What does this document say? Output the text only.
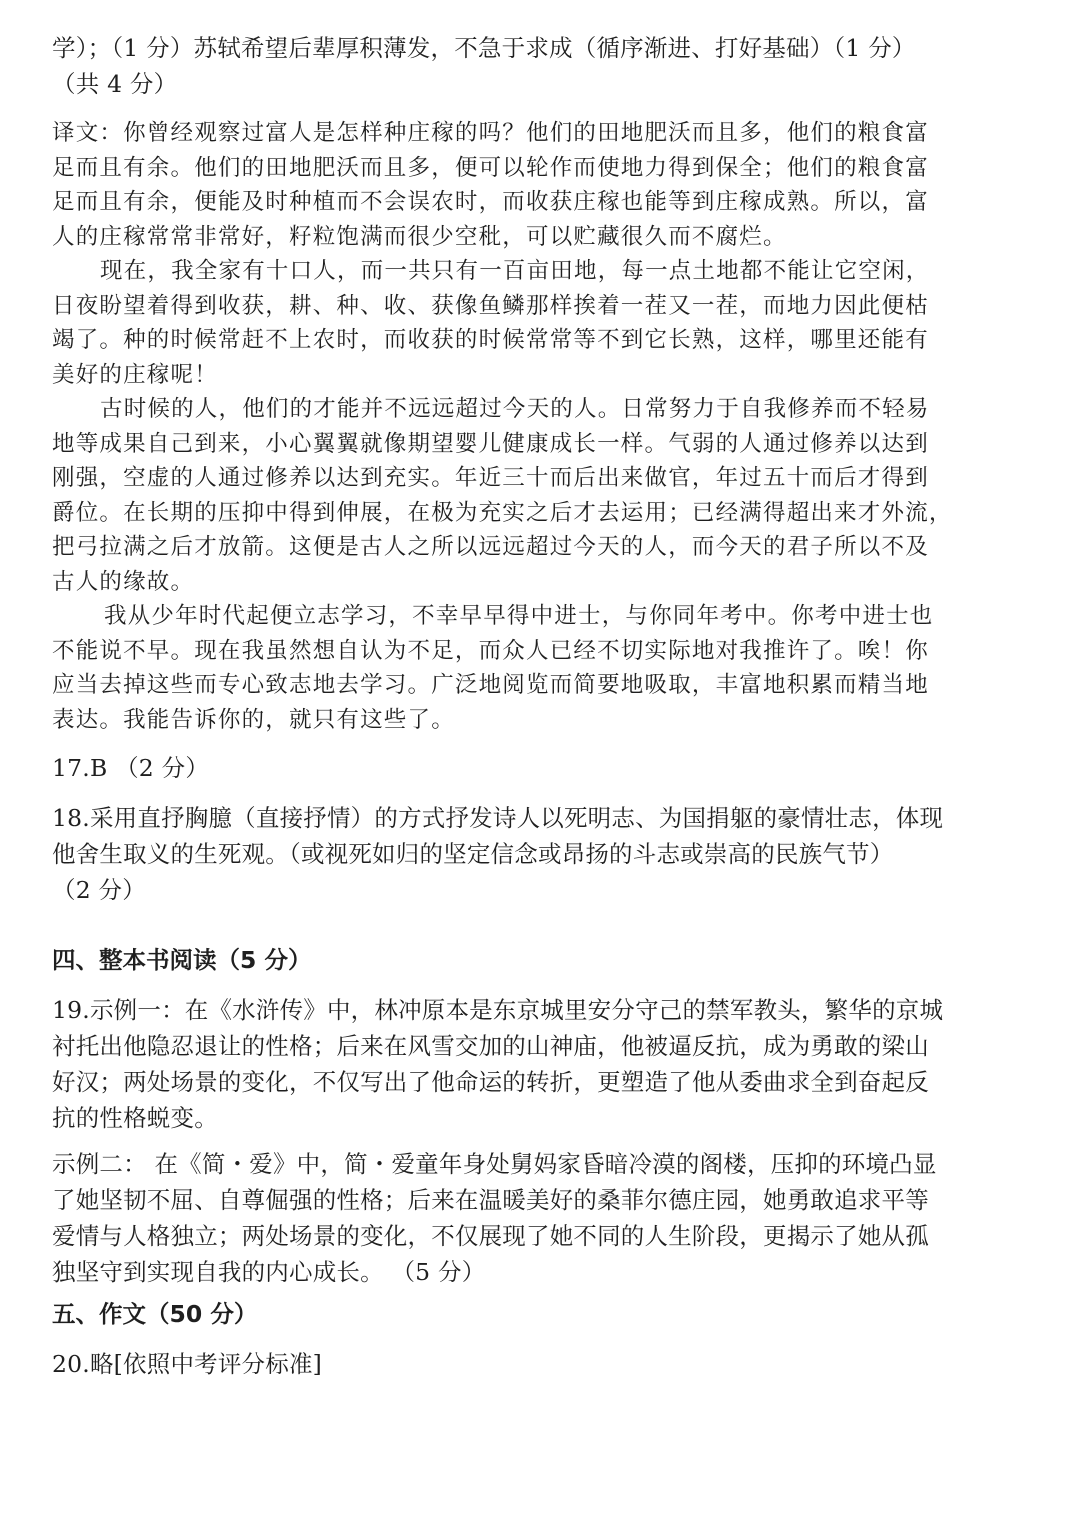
学）；（1 分）苏轼希望后辈厚积薄发，不急于求成（循序渐进、打好基础）（1 分）
（共 4 分）
译文：你曾经观察过富人是怎样种庄稼的吗？他们的田地肥沃而且多，他们的粮食富
足而且有余。他们的田地肥沃而且多，便可以轮作而使地力得到保全；他们的粮食富
足而且有余，便能及时种植而不会误农时，而收获庄稼也能等到庄稼成熟。所以，富
人的庄稼常常非常好，籽粒饱满而很少空秕，可以贮藏很久而不腐烂。
现在，我全家有十口人，而一共只有一百亩田地，每一点土地都不能让它空闲，
日夜盼望着得到收获，耕、种、收、获像鱼鳞那样挨着一茬又一茬，而地力因此便枯
竭了。种的时候常赶不上农时，而收获的时候常常等不到它长熟，这样，哪里还能有
美好的庄稼呢！
古时候的人，他们的才能并不远远超过今天的人。日常努力于自我修养而不轻易
地等成果自己到来，小心翼翼就像期望婴儿健康成长一样。气弱的人通过修养以达到
刚强，空虚的人通过修养以达到充实。年近三十而后出来做官，年过五十而后才得到
爵位。在长期的压抑中得到伸展，在极为充实之后才去运用；已经满得超出来才外流，
把弓拉满之后才放箭。这便是古人之所以远远超过今天的人，而今天的君子所以不及
古人的缘故。
我从少年时代起便立志学习，不幸早早得中进士，与你同年考中。你考中进士也
不能说不早。现在我虽然想自认为不足，而众人已经不切实际地对我推许了。唉！你
应当去掉这些而专心致志地去学习。广泛地阅览而简要地吸取，丰富地积累而精当地
表达。我能告诉你的，就只有这些了。
17.B （2 分）
18.采用直抒胸臆（直接抒情）的方式抒发诗人以死明志、为国捐躯的豪情壮志，体现
他舍生取义的生死观。（或视死如归的坚定信念或昂扬的斗志或崇高的民族气节）
（2 分）
四、整本书阅读（5 分）
19.示例一：在《水浒传》中，林冲原本是东京城里安分守己的禁军教头，繁华的京城
衬托出他隐忍退让的性格；后来在风雪交加的山神庙，他被逼反抗，成为勇敢的梁山
好汉；两处场景的变化，不仅写出了他命运的转折，更塑造了他从委曲求全到奋起反
抗的性格蜕变。
示例二： 在《简・爱》中，简・爱童年身处舅妈家昏暗冷漠的阁楼，压抑的环境凸显
了她坚韧不屈、自尊倔强的性格；后来在温暖美好的桑菲尔德庄园，她勇敢追求平等
爱情与人格独立；两处场景的变化，不仅展现了她不同的人生阶段，更揭示了她从孤
独坚守到实现自我的内心成长。 （5 分）
五、作文（50 分）
20.略[依照中考评分标准]
